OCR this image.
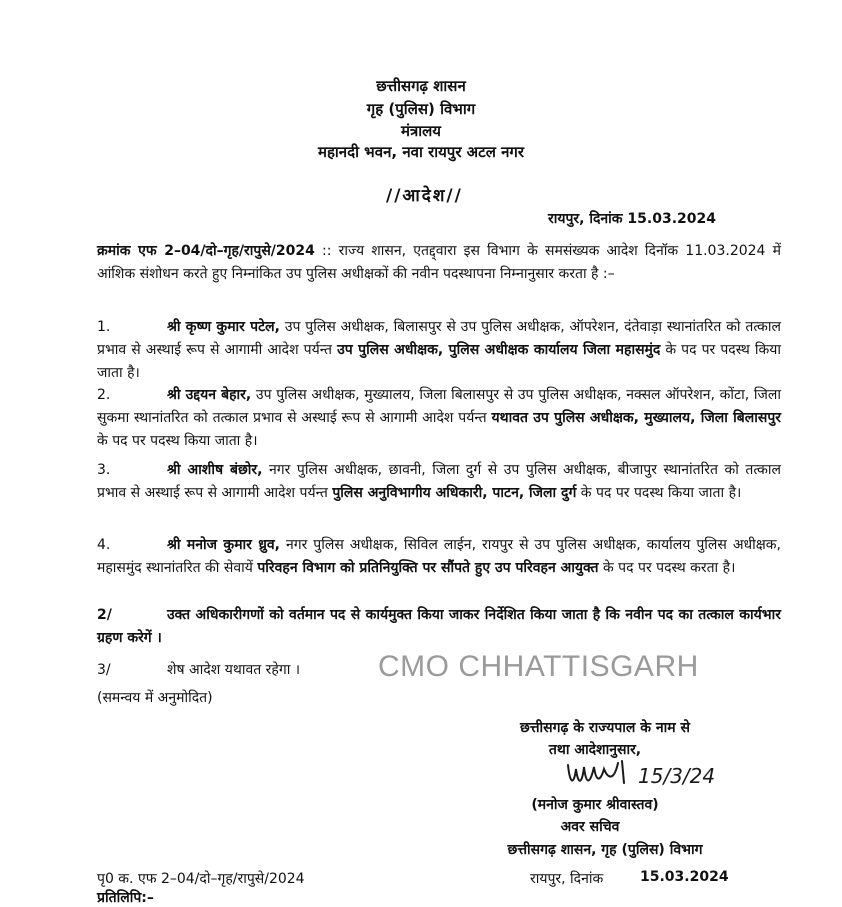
छत्तीसगढ़ शासन
गृह (पुलिस) विभाग
मंत्रालय
महानदी भवन, नवा रायपुर अटल नगर
//आदेश//
रायपुर, दिनांक 15.03.2024
क्रमांक एफ 2–04/दो–गृह/रापुसे/2024 :: राज्य शासन, एतद्द्वारा इस विभाग के समसंख्यक आदेश दिनॉक 11.03.2024 में आंशिक संशोधन करते हुए निम्नांकित उप पुलिस अधीक्षकों की नवीन पदस्थापना निम्नानुसार करता है :–
1.	श्री कृष्ण कुमार पटेल, उप पुलिस अधीक्षक, बिलासपुर से उप पुलिस अधीक्षक, ऑपरेशन, दंतेवाड़ा स्थानांतरित को तत्काल प्रभाव से अस्थाई रूप से आगामी आदेश पर्यन्त उप पुलिस अधीक्षक, पुलिस अधीक्षक कार्यालय जिला महासमुंद के पद पर पदस्थ किया जाता है।
2.	श्री उद्दयन बेहार, उप पुलिस अधीक्षक, मुख्यालय, जिला बिलासपुर से उप पुलिस अधीक्षक, नक्सल ऑपरेशन, कोंटा, जिला सुकमा स्थानांतरित को तत्काल प्रभाव से अस्थाई रूप से आगामी आदेश पर्यन्त यथावत उप पुलिस अधीक्षक, मुख्यालय, जिला बिलासपुर के पद पर पदस्थ किया जाता है।
3.	श्री आशीष बंछोर, नगर पुलिस अधीक्षक, छावनी, जिला दुर्ग से उप पुलिस अधीक्षक, बीजापुर स्थानांतरित को तत्काल प्रभाव से अस्थाई रूप से आगामी आदेश पर्यन्त पुलिस अनुविभागीय अधिकारी, पाटन, जिला दुर्ग के पद पर पदस्थ किया जाता है।
4.	श्री मनोज कुमार ध्रुव, नगर पुलिस अधीक्षक, सिविल लाईन, रायपुर से उप पुलिस अधीक्षक, कार्यालय पुलिस अधीक्षक, महासमुंद स्थानांतरित की सेवायें परिवहन विभाग को प्रतिनियुक्ति पर सौंपते हुए उप परिवहन आयुक्त के पद पर पदस्थ करता है।
2/	उक्त अधिकारीगणों को वर्तमान पद से कार्यमुक्त किया जाकर निर्देशित किया जाता है कि नवीन पद का तत्काल कार्यभार ग्रहण करेगें ।
3/	शेष आदेश यथावत रहेगा ।	CMO CHHATTISGARH
(समन्वय में अनुमोदित)
छत्तीसगढ़ के राज्यपाल के नाम से
तथा आदेशानुसार,
15/3/24
(मनोज कुमार श्रीवास्तव)
अवर सचिव
छत्तीसगढ़ शासन, गृह (पुलिस) विभाग
पृ0 क. एफ 2–04/दो–गृह/रापुसे/2024	रायपुर, दिनांक	15.03.2024
प्रतिलिपि:–
